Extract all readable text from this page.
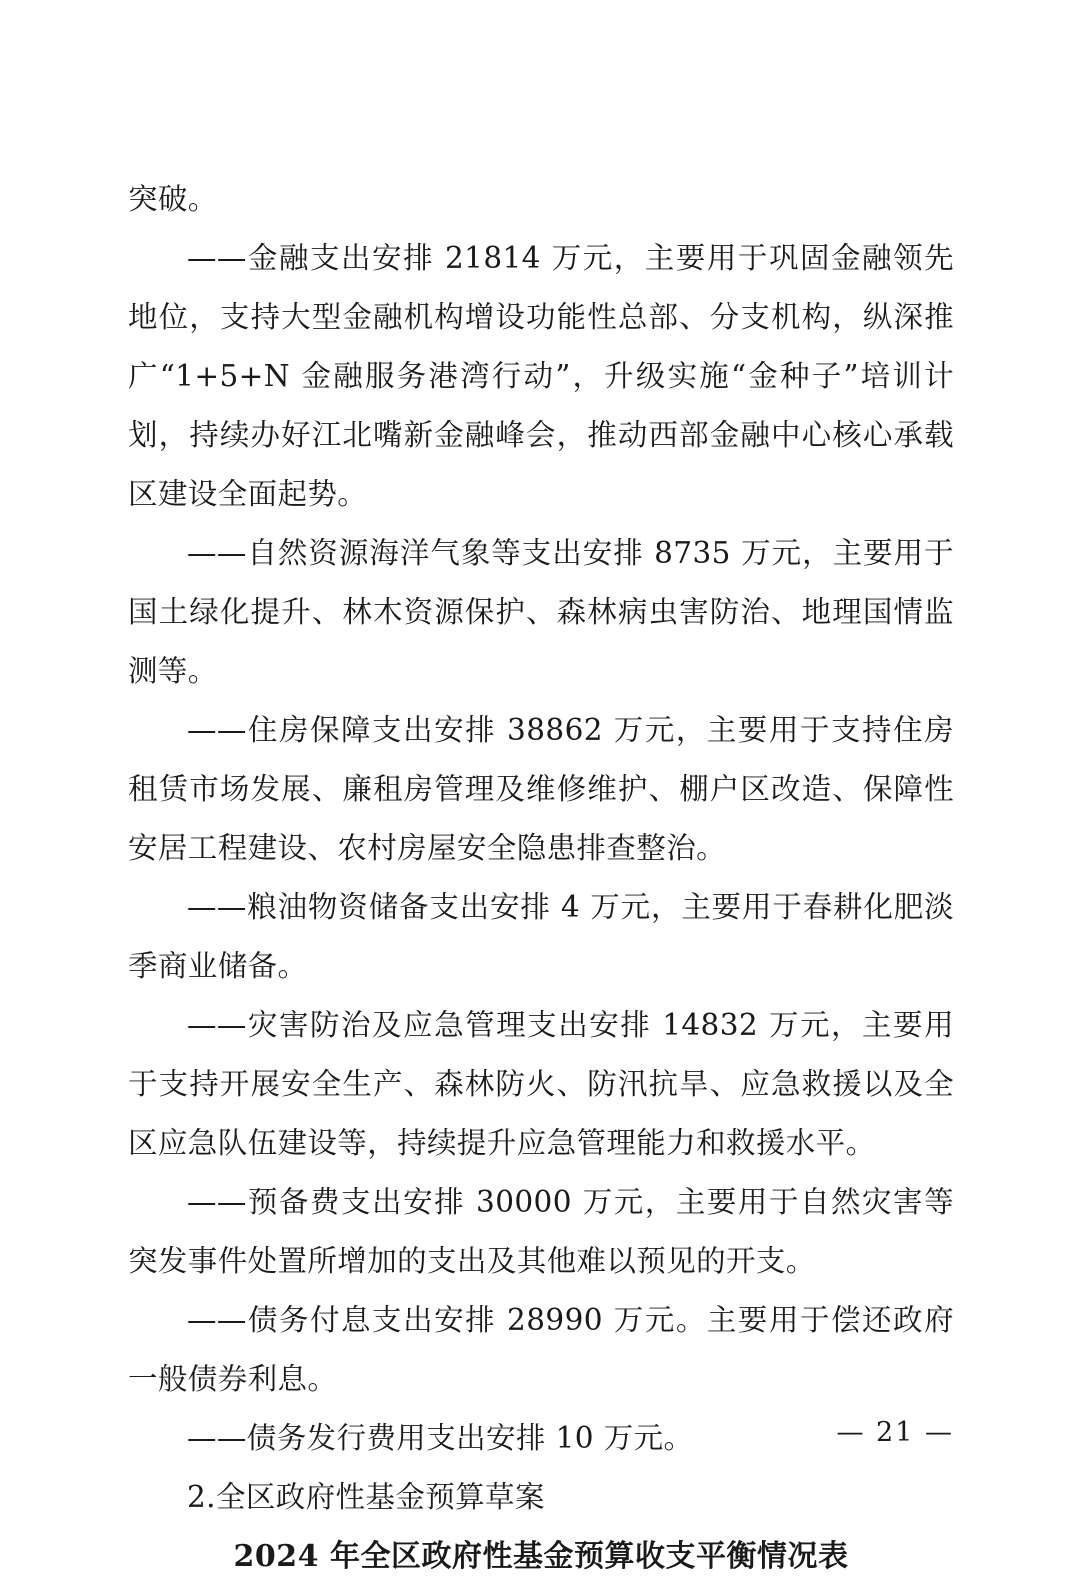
突破。

——金融支出安排 21814 万元，主要用于巩固金融领先地位，支持大型金融机构增设功能性总部、分支机构，纵深推广“1+5+N 金融服务港湾行动”，升级实施“金种子”培训计划，持续办好江北嘴新金融峰会，推动西部金融中心核心承载区建设全面起势。

——自然资源海洋气象等支出安排 8735 万元，主要用于国土绿化提升、林木资源保护、森林病虫害防治、地理国情监测等。

——住房保障支出安排 38862 万元，主要用于支持住房租赁市场发展、廉租房管理及维修维护、棚户区改造、保障性安居工程建设、农村房屋安全隐患排查整治。

——粮油物资储备支出安排 4 万元，主要用于春耕化肥淡季商业储备。

——灾害防治及应急管理支出安排 14832 万元，主要用于支持开展安全生产、森林防火、防汛抗旱、应急救援以及全区应急队伍建设等，持续提升应急管理能力和救援水平。

——预备费支出安排 30000 万元，主要用于自然灾害等突发事件处置所增加的支出及其他难以预见的开支。

——债务付息支出安排 28990 万元。主要用于偿还政府一般债券利息。

——债务发行费用支出安排 10 万元。

2.全区政府性基金预算草案

2024 年全区政府性基金预算收支平衡情况表

— 21 —
